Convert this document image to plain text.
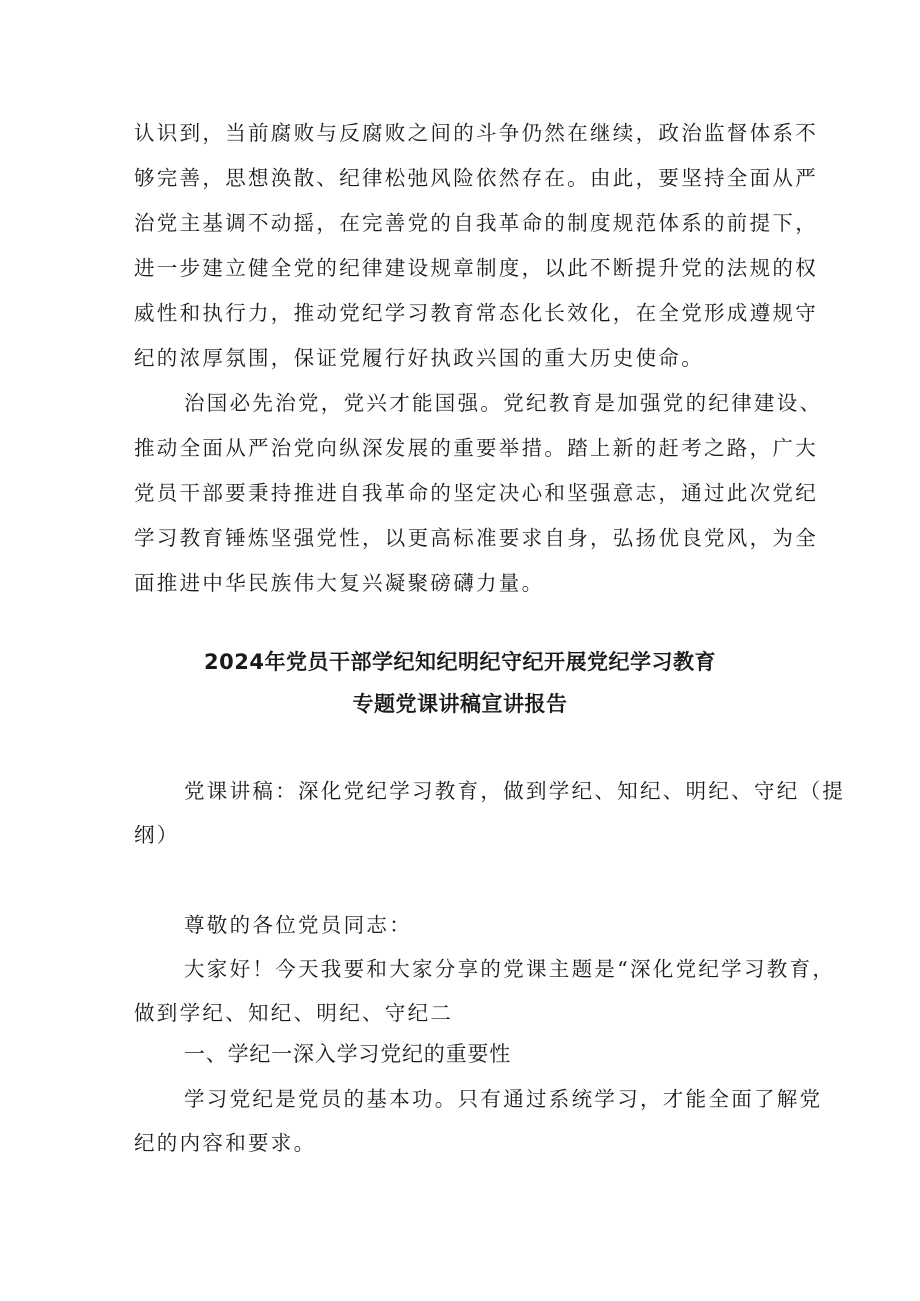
认识到，当前腐败与反腐败之间的斗争仍然在继续，政治监督体系不
够完善，思想涣散、纪律松弛风险依然存在。由此，要坚持全面从严
治党主基调不动摇，在完善党的自我革命的制度规范体系的前提下，
进一步建立健全党的纪律建设规章制度，以此不断提升党的法规的权
威性和执行力，推动党纪学习教育常态化长效化，在全党形成遵规守
纪的浓厚氛围，保证党履行好执政兴国的重大历史使命。
治国必先治党，党兴才能国强。党纪教育是加强党的纪律建设、
推动全面从严治党向纵深发展的重要举措。踏上新的赶考之路，广大
党员干部要秉持推进自我革命的坚定决心和坚强意志，通过此次党纪
学习教育锤炼坚强党性，以更高标准要求自身，弘扬优良党风，为全
面推进中华民族伟大复兴凝聚磅礴力量。
2024年党员干部学纪知纪明纪守纪开展党纪学习教育
专题党课讲稿宣讲报告
党课讲稿：深化党纪学习教育，做到学纪、知纪、明纪、守纪（提
纲）
尊敬的各位党员同志：
大家好！今天我要和大家分享的党课主题是“深化党纪学习教育，
做到学纪、知纪、明纪、守纪二
一、学纪一深入学习党纪的重要性
学习党纪是党员的基本功。只有通过系统学习，才能全面了解党
纪的内容和要求。
